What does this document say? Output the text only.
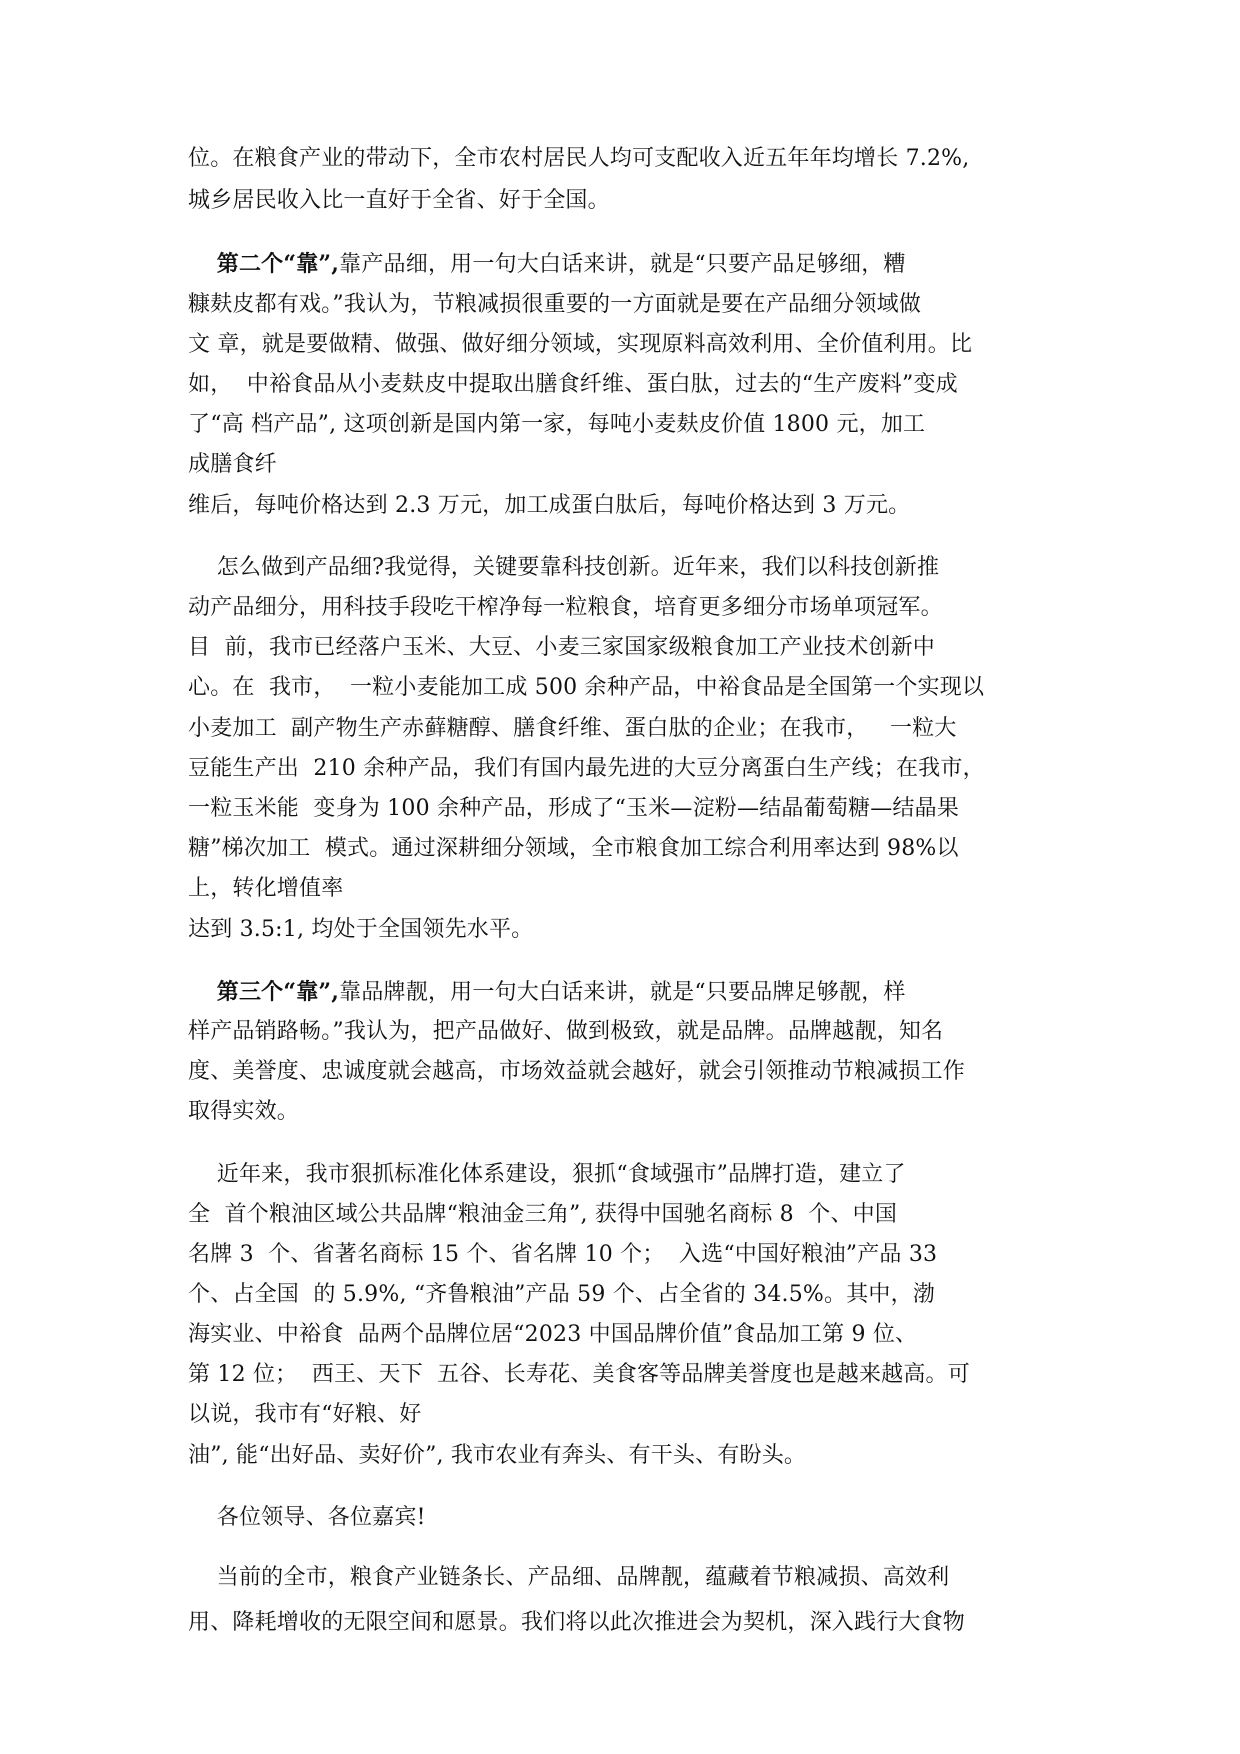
位。在粮食产业的带动下，全市农村居民人均可支配收入近五年年均增长 7.2%,

城乡居民收入比一直好于全省、好于全国。

第二个“靠”,靠产品细，用一句大白话来讲，就是“只要产品足够细，糟

糠麸皮都有戏。”我认为，节粮减损很重要的一方面就是要在产品细分领域做

文 章，就是要做精、做强、做好细分领域，实现原料高效利用、全价值利用。比

如，  中裕食品从小麦麸皮中提取出膳食纤维、蛋白肽，过去的“生产废料”变成

了“高 档产品”, 这项创新是国内第一家，每吨小麦麸皮价值 1800 元，加工

成膳食纤

维后，每吨价格达到 2.3 万元，加工成蛋白肽后，每吨价格达到 3 万元。

怎么做到产品细?我觉得，关键要靠科技创新。近年来，我们以科技创新推

动产品细分，用科技手段吃干榨净每一粒粮食，培育更多细分市场单项冠军。

目  前，我市已经落户玉米、大豆、小麦三家国家级粮食加工产业技术创新中

心。在  我市，  一粒小麦能加工成 500 余种产品，中裕食品是全国第一个实现以

小麦加工  副产物生产赤藓糖醇、膳食纤维、蛋白肽的企业；在我市，   一粒大

豆能生产出  210 余种产品，我们有国内最先进的大豆分离蛋白生产线；在我市，

一粒玉米能  变身为 100 余种产品，形成了“玉米—淀粉—结晶葡萄糖—结晶果

糖”梯次加工  模式。通过深耕细分领域，全市粮食加工综合利用率达到 98%以

上，转化增值率

达到 3.5:1, 均处于全国领先水平。

第三个“靠”,靠品牌靓，用一句大白话来讲，就是“只要品牌足够靓，样

样产品销路畅。”我认为，把产品做好、做到极致，就是品牌。品牌越靓，知名

度、美誉度、忠诚度就会越高，市场效益就会越好，就会引领推动节粮减损工作

取得实效。

近年来，我市狠抓标准化体系建设，狠抓“食域强市”品牌打造，建立了

全  首个粮油区域公共品牌“粮油金三角”, 获得中国驰名商标 8  个、中国

名牌 3  个、省著名商标 15 个、省名牌 10 个；  入选“中国好粮油”产品 33

个、占全国  的 5.9%, “齐鲁粮油”产品 59 个、占全省的 34.5%。其中，渤

海实业、中裕食  品两个品牌位居“2023 中国品牌价值”食品加工第 9 位、

第 12 位；  西王、天下  五谷、长寿花、美食客等品牌美誉度也是越来越高。可

以说，我市有“好粮、好

油”, 能“出好品、卖好价”, 我市农业有奔头、有干头、有盼头。

各位领导、各位嘉宾!

当前的全市，粮食产业链条长、产品细、品牌靓，蕴藏着节粮减损、高效利

用、降耗增收的无限空间和愿景。我们将以此次推进会为契机，深入践行大食物
